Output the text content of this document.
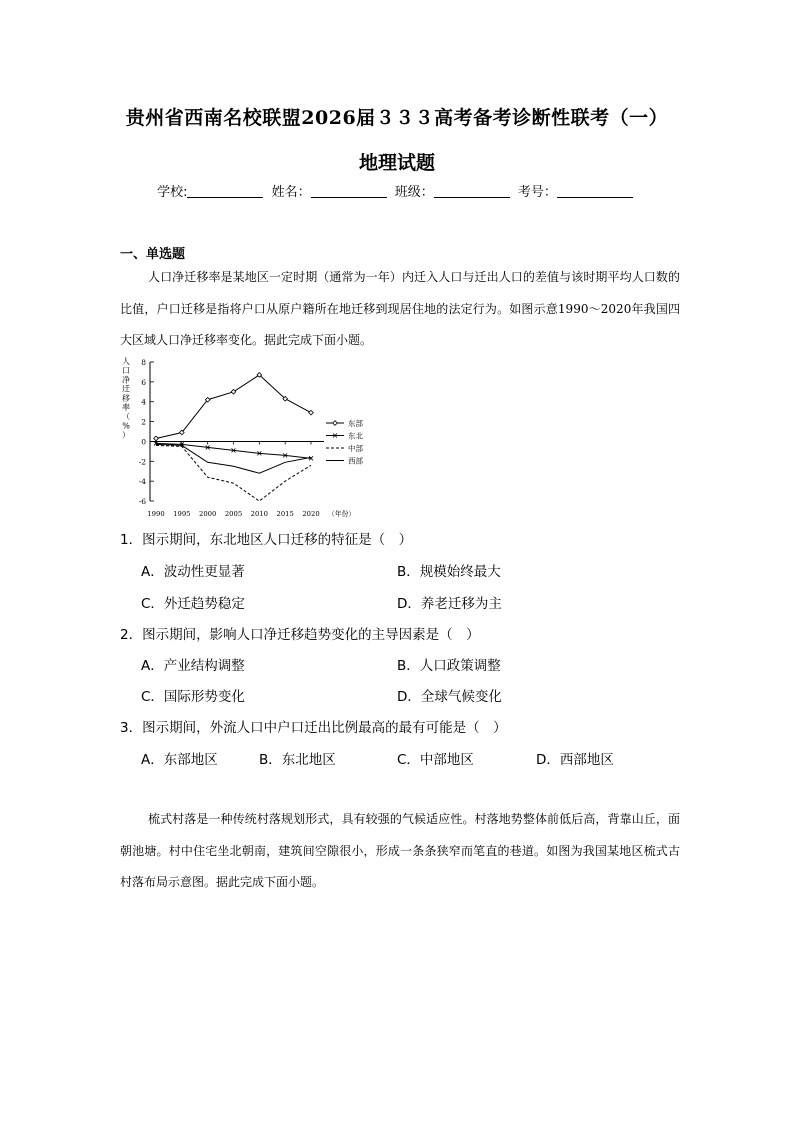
贵州省西南名校联盟2026届３３３高考备考诊断性联考（一）
地理试题
学校:	姓名：	班级：	考号：
一、单选题
人口净迁移率是某地区一定时期（通常为一年）内迁入人口与迁出人口的差值与该时期平均人口数的比值，户口迁移是指将户口从原户籍所在地迁移到现居住地的法定行为。如图示意1990～2020年我国四大区域人口净迁移率变化。据此完成下面小题。
8
6
4
2
0
-2
-4
-6
1990 1995 2000 2005 2010 2015 2020 （年份）
人口净迁移率（%）
东部
东北
中部
西部
1．图示期间，东北地区人口迁移的特征是（　）
A．波动性更显著	B．规模始终最大
C．外迁趋势稳定	D．养老迁移为主
2．图示期间，影响人口净迁移趋势变化的主导因素是（　）
A．产业结构调整	B．人口政策调整
C．国际形势变化	D．全球气候变化
3．图示期间，外流人口中户口迁出比例最高的最有可能是（　）
A．东部地区	B．东北地区	C．中部地区	D．西部地区
梳式村落是一种传统村落规划形式，具有较强的气候适应性。村落地势整体前低后高，背靠山丘，面朝池塘。村中住宅坐北朝南，建筑间空隙很小，形成一条条狭窄而笔直的巷道。如图为我国某地区梳式古村落布局示意图。据此完成下面小题。
